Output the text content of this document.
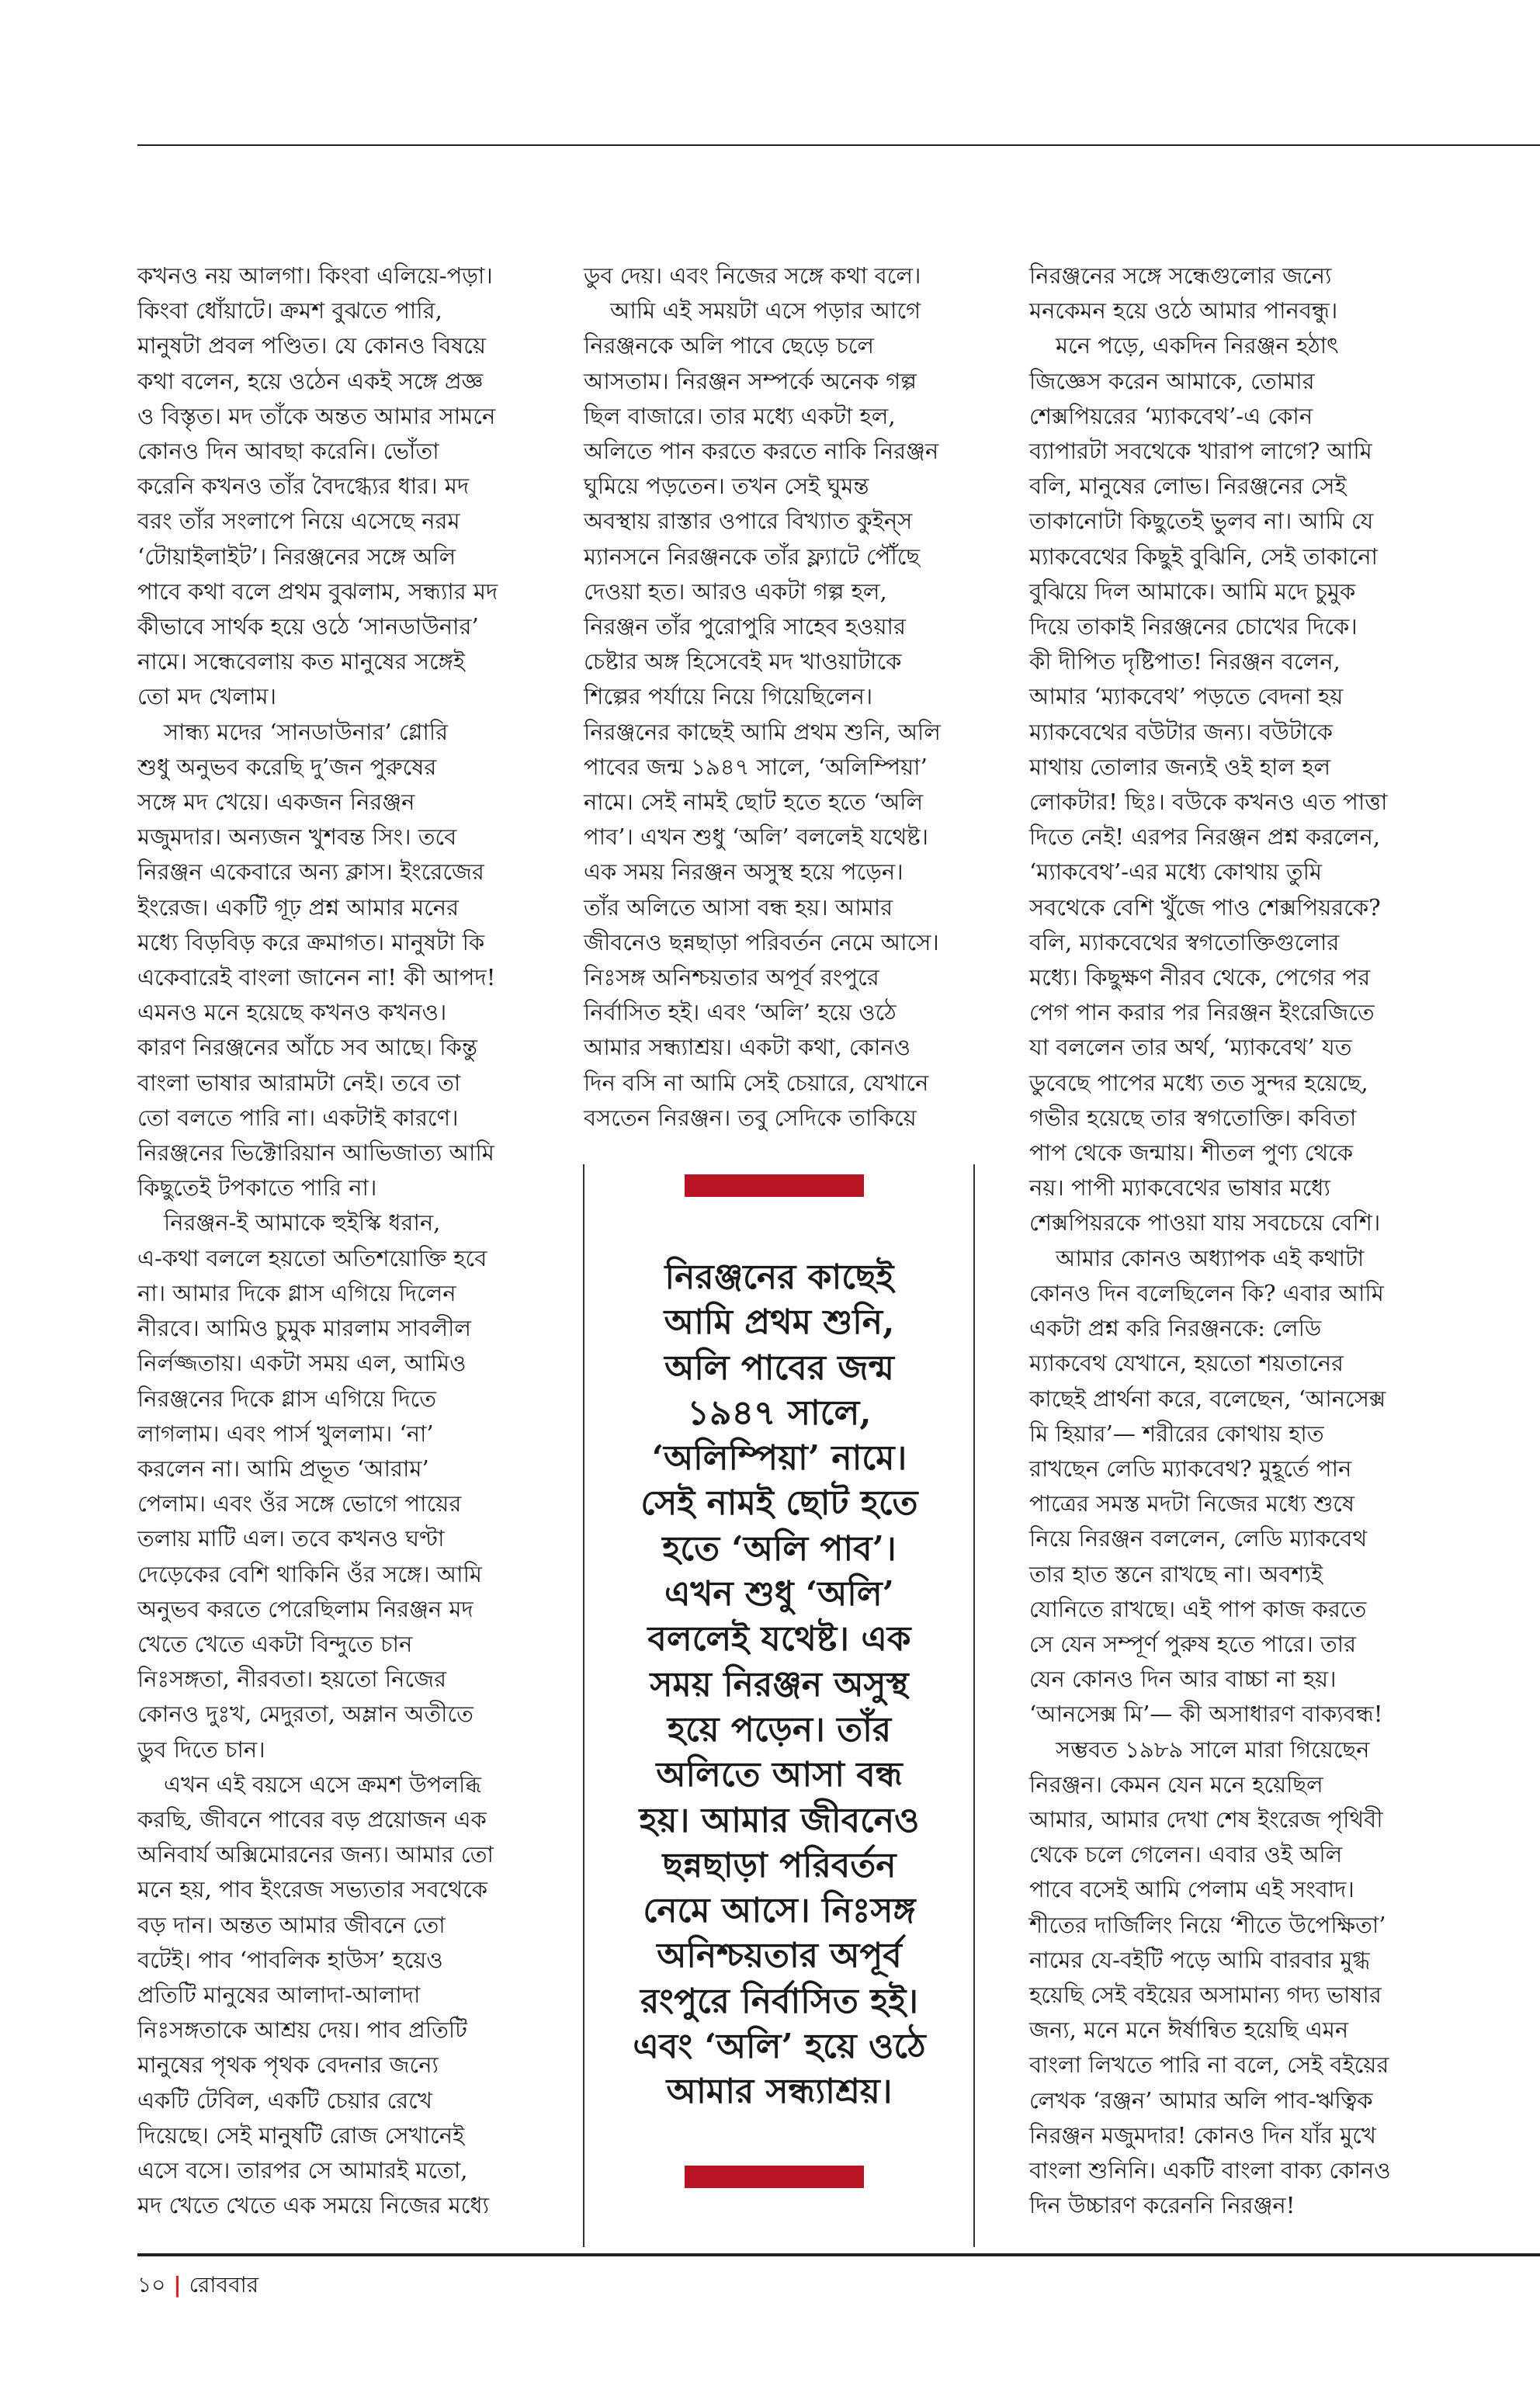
কখনও নয় আলগা। কিংবা এলিয়ে-পড়া।
কিংবা ধোঁয়াটে। ক্রমশ বুঝতে পারি,
মানুষটা প্রবল পণ্ডিত। যে কোনও বিষয়ে
কথা বলেন, হয়ে ওঠেন একই সঙ্গে প্রজ্ঞ
ও বিস্তৃত। মদ তাঁকে অন্তত আমার সামনে
কোনও দিন আবছা করেনি। ভোঁতা
করেনি কখনও তাঁর বৈদগ্ধ্যের ধার। মদ
বরং তাঁর সংলাপে নিয়ে এসেছে নরম
‘টোয়াইলাইট’। নিরঞ্জনের সঙ্গে অলি
পাবে কথা বলে প্রথম বুঝলাম, সন্ধ্যার মদ
কীভাবে সার্থক হয়ে ওঠে ‘সানডাউনার’
নামে। সন্ধেবেলায় কত মানুষের সঙ্গেই
তো মদ খেলাম।
সান্ধ্য মদের ‘সানডাউনার’ গ্লোরি
শুধু অনুভব করেছি দু’জন পুরুষের
সঙ্গে মদ খেয়ে। একজন নিরঞ্জন
মজুমদার। অন্যজন খুশবন্ত সিং। তবে
নিরঞ্জন একেবারে অন্য ক্লাস। ইংরেজের
ইংরেজ। একটি গূঢ় প্রশ্ন আমার মনের
মধ্যে বিড়বিড় করে ক্রমাগত। মানুষটা কি
একেবারেই বাংলা জানেন না! কী আপদ!
এমনও মনে হয়েছে কখনও কখনও।
কারণ নিরঞ্জনের আঁচে সব আছে। কিন্তু
বাংলা ভাষার আরামটা নেই। তবে তা
তো বলতে পারি না। একটাই কারণে।
নিরঞ্জনের ভিক্টোরিয়ান আভিজাত্য আমি
কিছুতেই টপকাতে পারি না।
নিরঞ্জন-ই আমাকে হুইস্কি ধরান,
এ-কথা বললে হয়তো অতিশয়োক্তি হবে
না। আমার দিকে গ্লাস এগিয়ে দিলেন
নীরবে। আমিও চুমুক মারলাম সাবলীল
নির্লজ্জতায়। একটা সময় এল, আমিও
নিরঞ্জনের দিকে গ্লাস এগিয়ে দিতে
লাগলাম। এবং পার্স খুললাম। ‘না’
করলেন না। আমি প্রভূত ‘আরাম’
পেলাম। এবং ওঁর সঙ্গে ভোগে পায়ের
তলায় মাটি এল। তবে কখনও ঘণ্টা
দেড়েকের বেশি থাকিনি ওঁর সঙ্গে। আমি
অনুভব করতে পেরেছিলাম নিরঞ্জন মদ
খেতে খেতে একটা বিন্দুতে চান
নিঃসঙ্গতা, নীরবতা। হয়তো নিজের
কোনও দুঃখ, মেদুরতা, অম্লান অতীতে
ডুব দিতে চান।
এখন এই বয়সে এসে ক্রমশ উপলব্ধি
করছি, জীবনে পাবের বড় প্রয়োজন এক
অনিবার্য অক্সিমোরনের জন্য। আমার তো
মনে হয়, পাব ইংরেজ সভ্যতার সবথেকে
বড় দান। অন্তত আমার জীবনে তো
বটেই। পাব ‘পাবলিক হাউস’ হয়েও
প্রতিটি মানুষের আলাদা-আলাদা
নিঃসঙ্গতাকে আশ্রয় দেয়। পাব প্রতিটি
মানুষের পৃথক পৃথক বেদনার জন্যে
একটি টেবিল, একটি চেয়ার রেখে
দিয়েছে। সেই মানুষটি রোজ সেখানেই
এসে বসে। তারপর সে আমারই মতো,
মদ খেতে খেতে এক সময়ে নিজের মধ্যে
ডুব দেয়। এবং নিজের সঙ্গে কথা বলে।
আমি এই সময়টা এসে পড়ার আগে
নিরঞ্জনকে অলি পাবে ছেড়ে চলে
আসতাম। নিরঞ্জন সম্পর্কে অনেক গল্প
ছিল বাজারে। তার মধ্যে একটা হল,
অলিতে পান করতে করতে নাকি নিরঞ্জন
ঘুমিয়ে পড়তেন। তখন সেই ঘুমন্ত
অবস্থায় রাস্তার ওপারে বিখ্যাত কুইন্‌স
ম্যানসনে নিরঞ্জনকে তাঁর ফ্ল্যাটে পৌঁছে
দেওয়া হত। আরও একটা গল্প হল,
নিরঞ্জন তাঁর পুরোপুরি সাহেব হওয়ার
চেষ্টার অঙ্গ হিসেবেই মদ খাওয়াটাকে
শিল্পের পর্যায়ে নিয়ে গিয়েছিলেন।
নিরঞ্জনের কাছেই আমি প্রথম শুনি, অলি
পাবের জন্ম ১৯৪৭ সালে, ‘অলিম্পিয়া’
নামে। সেই নামই ছোট হতে হতে ‘অলি
পাব’। এখন শুধু ‘অলি’ বললেই যথেষ্ট।
এক সময় নিরঞ্জন অসুস্থ হয়ে পড়েন।
তাঁর অলিতে আসা বন্ধ হয়। আমার
জীবনেও ছন্নছাড়া পরিবর্তন নেমে আসে।
নিঃসঙ্গ অনিশ্চয়তার অপূর্ব রংপুরে
নির্বাসিত হই। এবং ‘অলি’ হয়ে ওঠে
আমার সন্ধ্যাশ্রয়। একটা কথা, কোনও
দিন বসি না আমি সেই চেয়ারে, যেখানে
বসতেন নিরঞ্জন। তবু সেদিকে তাকিয়ে
নিরঞ্জনের সঙ্গে সন্ধেগুলোর জন্যে
মনকেমন হয়ে ওঠে আমার পানবন্ধু।
মনে পড়ে, একদিন নিরঞ্জন হঠাৎ
জিজ্ঞেস করেন আমাকে, তোমার
শেক্সপিয়রের ‘ম্যাকবেথ’-এ কোন
ব্যাপারটা সবথেকে খারাপ লাগে? আমি
বলি, মানুষের লোভ। নিরঞ্জনের সেই
তাকানোটা কিছুতেই ভুলব না। আমি যে
ম্যাকবেথের কিছুই বুঝিনি, সেই তাকানো
বুঝিয়ে দিল আমাকে। আমি মদে চুমুক
দিয়ে তাকাই নিরঞ্জনের চোখের দিকে।
কী দীপিত দৃষ্টিপাত! নিরঞ্জন বলেন,
আমার ‘ম্যাকবেথ’ পড়তে বেদনা হয়
ম্যাকবেথের বউটার জন্য। বউটাকে
মাথায় তোলার জন্যই ওই হাল হল
লোকটার! ছিঃ। বউকে কখনও এত পাত্তা
দিতে নেই! এরপর নিরঞ্জন প্রশ্ন করলেন,
‘ম্যাকবেথ’-এর মধ্যে কোথায় তুমি
সবথেকে বেশি খুঁজে পাও শেক্সপিয়রকে?
বলি, ম্যাকবেথের স্বগতোক্তিগুলোর
মধ্যে। কিছুক্ষণ নীরব থেকে, পেগের পর
পেগ পান করার পর নিরঞ্জন ইংরেজিতে
যা বললেন তার অর্থ, ‘ম্যাকবেথ’ যত
ডুবেছে পাপের মধ্যে তত সুন্দর হয়েছে,
গভীর হয়েছে তার স্বগতোক্তি। কবিতা
পাপ থেকে জন্মায়। শীতল পুণ্য থেকে
নয়। পাপী ম্যাকবেথের ভাষার মধ্যে
শেক্সপিয়রকে পাওয়া যায় সবচেয়ে বেশি।
আমার কোনও অধ্যাপক এই কথাটা
কোনও দিন বলেছিলেন কি? এবার আমি
একটা প্রশ্ন করি নিরঞ্জনকে: লেডি
ম্যাকবেথ যেখানে, হয়তো শয়তানের
কাছেই প্রার্থনা করে, বলেছেন, ‘আনসেক্স
মি হিয়ার’— শরীরের কোথায় হাত
রাখছেন লেডি ম্যাকবেথ? মুহূর্তে পান
পাত্রের সমস্ত মদটা নিজের মধ্যে শুষে
নিয়ে নিরঞ্জন বললেন, লেডি ম্যাকবেথ
তার হাত স্তনে রাখছে না। অবশ্যই
যোনিতে রাখছে। এই পাপ কাজ করতে
সে যেন সম্পূর্ণ পুরুষ হতে পারে। তার
যেন কোনও দিন আর বাচ্চা না হয়।
‘আনসেক্স মি’— কী অসাধারণ বাক্যবন্ধ!
সম্ভবত ১৯৮৯ সালে মারা গিয়েছেন
নিরঞ্জন। কেমন যেন মনে হয়েছিল
আমার, আমার দেখা শেষ ইংরেজ পৃথিবী
থেকে চলে গেলেন। এবার ওই অলি
পাবে বসেই আমি পেলাম এই সংবাদ।
শীতের দার্জিলিং নিয়ে ‘শীতে উপেক্ষিতা’
নামের যে-বইটি পড়ে আমি বারবার মুগ্ধ
হয়েছি সেই বইয়ের অসামান্য গদ্য ভাষার
জন্য, মনে মনে ঈর্ষান্বিত হয়েছি এমন
বাংলা লিখতে পারি না বলে, সেই বইয়ের
লেখক ‘রঞ্জন’ আমার অলি পাব-ঋত্বিক
নিরঞ্জন মজুমদার! কোনও দিন যাঁর মুখে
বাংলা শুনিনি। একটি বাংলা বাক্য কোনও
দিন উচ্চারণ করেননি নিরঞ্জন!
নিরঞ্জনের কাছেই
আমি প্রথম শুনি,
অলি পাবের জন্ম
১৯৪৭ সালে,
‘অলিম্পিয়া’ নামে।
সেই নামই ছোট হতে
হতে ‘অলি পাব’।
এখন শুধু ‘অলি’
বললেই যথেষ্ট। এক
সময় নিরঞ্জন অসুস্থ
হয়ে পড়েন। তাঁর
অলিতে আসা বন্ধ
হয়। আমার জীবনেও
ছন্নছাড়া পরিবর্তন
নেমে আসে। নিঃসঙ্গ
অনিশ্চয়তার অপূর্ব
রংপুরে নির্বাসিত হই।
এবং ‘অলি’ হয়ে ওঠে
আমার সন্ধ্যাশ্রয়।
১০ | রোববার
